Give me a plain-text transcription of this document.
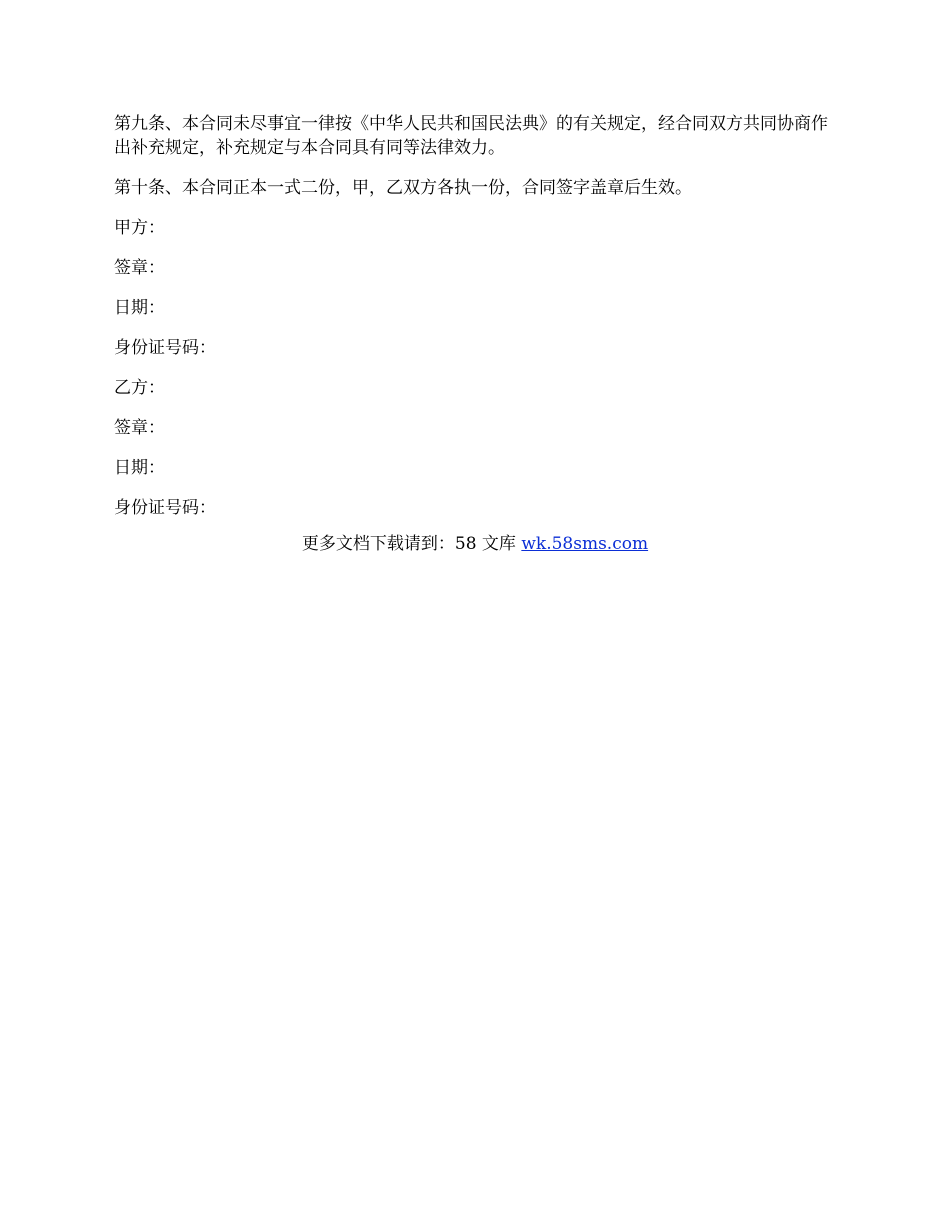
第九条、本合同未尽事宜一律按《中华人民共和国民法典》的有关规定，经合同双方共同协商作出补充规定，补充规定与本合同具有同等法律效力。

第十条、本合同正本一式二份，甲，乙双方各执一份，合同签字盖章后生效。

甲方：
签章：
日期：
身份证号码：
乙方：
签章：
日期：
身份证号码：
更多文档下载请到：58 文库 wk.58sms.com
